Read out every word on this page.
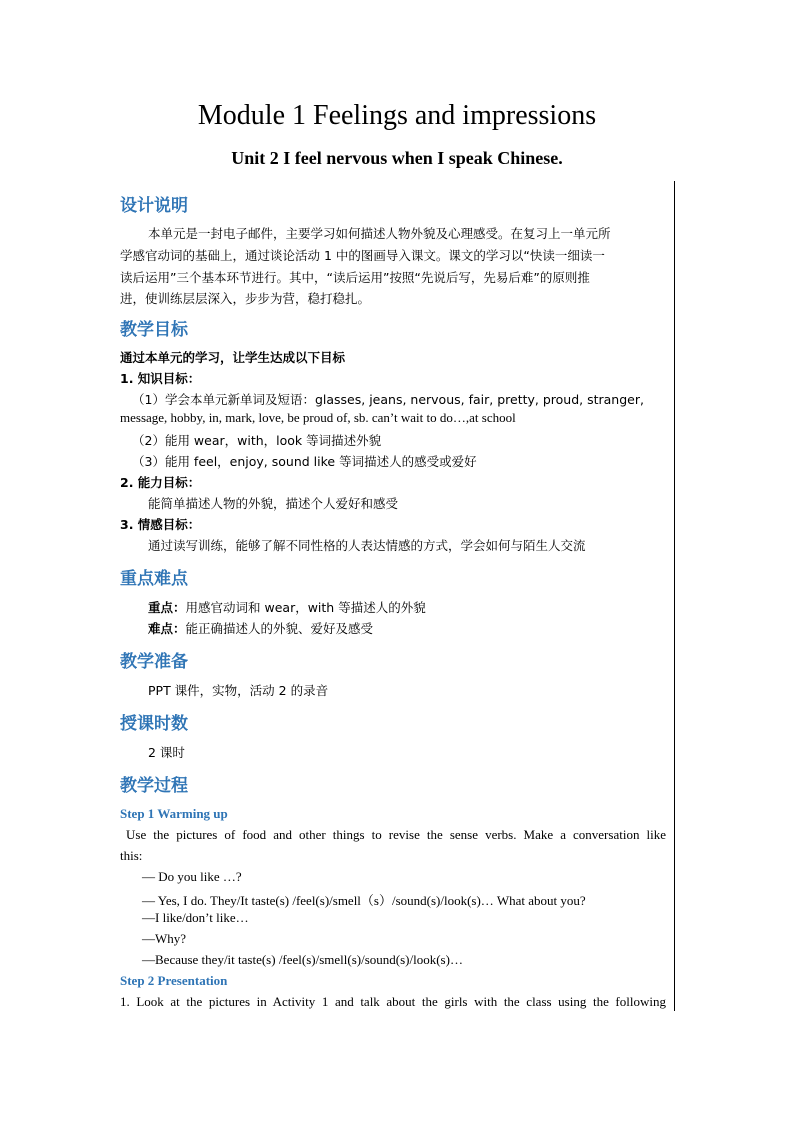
Module 1 Feelings and impressions
Unit 2 I feel nervous when I speak Chinese.
设计说明
本单元是一封电子邮件，主要学习如何描述人物外貌及心理感受。在复习上一单元所
学感官动词的基础上，通过谈论活动 1 中的图画导入课文。课文的学习以“快读一细读一
读后运用”三个基本环节进行。其中，“读后运用”按照“先说后写，先易后难”的原则推
进，使训练层层深入，步步为营，稳打稳扎。
教学目标
通过本单元的学习，让学生达成以下目标
1. 知识目标：
（1）学会本单元新单词及短语：glasses, jeans, nervous, fair, pretty, proud, stranger,
message, hobby, in, mark, love, be proud of, sb. can’t wait to do…,at school
（2）能用 wear，with，look 等词描述外貌
（3）能用 feel，enjoy, sound like 等词描述人的感受或爱好
2. 能力目标：
能简单描述人物的外貌，描述个人爱好和感受
3. 情感目标：
通过读写训练，能够了解不同性格的人表达情感的方式，学会如何与陌生人交流
重点难点
重点：用感官动词和 wear，with 等描述人的外貌
难点：能正确描述人的外貌、爱好及感受
教学准备
PPT 课件，实物，活动 2 的录音
授课时数
2 课时
教学过程
Step 1 Warming up
Use the pictures of food and other things to revise the sense verbs. Make a conversation like
this:
— Do you like …?
— Yes, I do. They/It taste(s) /feel(s)/smell（s）/sound(s)/look(s)… What about you?
—I like/don’t like…
—Why?
—Because they/it taste(s) /feel(s)/smell(s)/sound(s)/look(s)…
Step 2 Presentation
1. Look at the pictures in Activity 1 and talk about the girls with the class using the following
